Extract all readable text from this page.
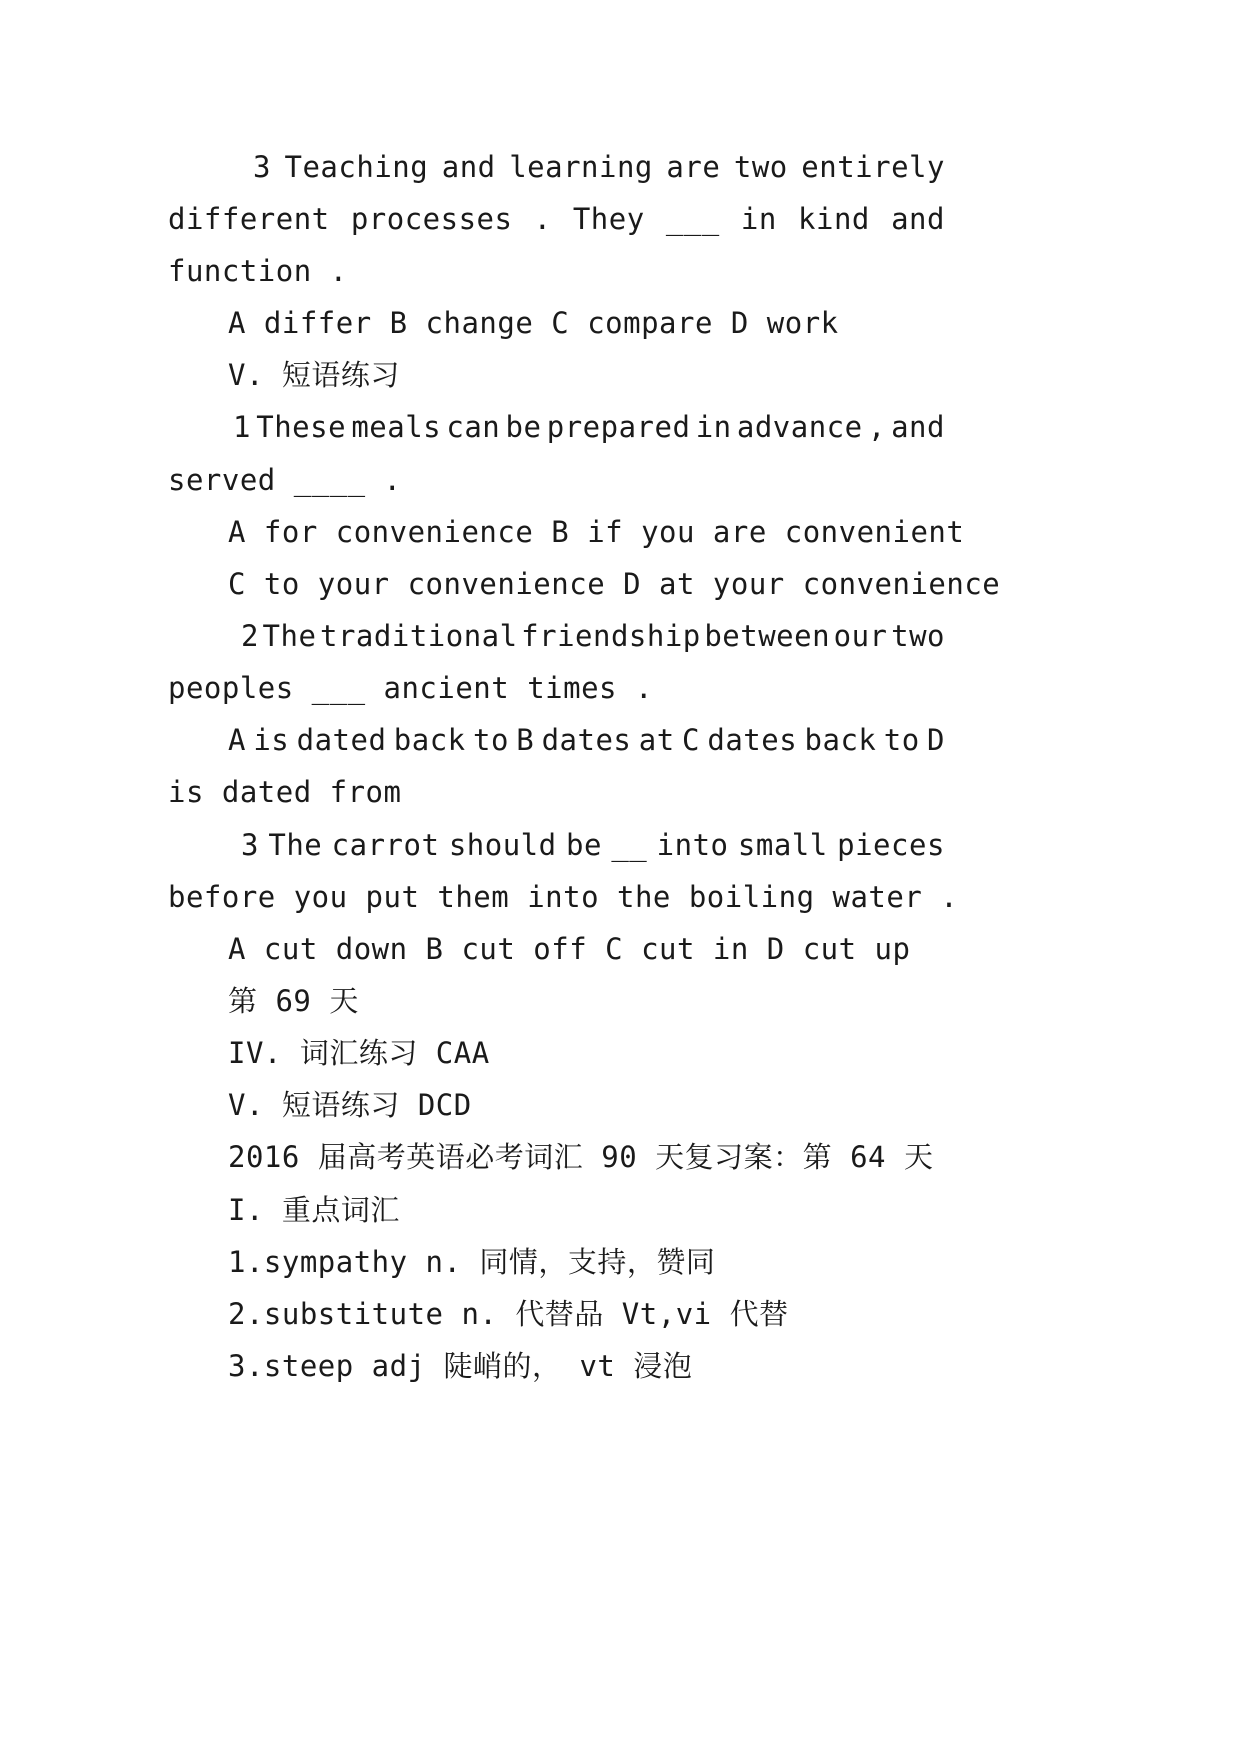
3 Teaching and learning are two entirely
different processes . They ___ in kind and
function .
A differ B change C compare D work
V. 短语练习
1 These meals can be prepared in advance , and
served ____ .
A for convenience B if you are convenient
C to your convenience D at your convenience
2 The traditional friendship between our two
peoples ___ ancient times .
A is dated back to B dates at C dates back to D
is dated from
3 The carrot should be __ into small pieces
before you put them into the boiling water .
A cut down B cut off C cut in D cut up
第 69 天
IV. 词汇练习 CAA
V. 短语练习 DCD
2016 届高考英语必考词汇 90 天复习案：第 64 天
I. 重点词汇
1.sympathy n. 同情，支持，赞同
2.substitute n. 代替品 Vt,vi 代替
3.steep adj 陡峭的， vt 浸泡
